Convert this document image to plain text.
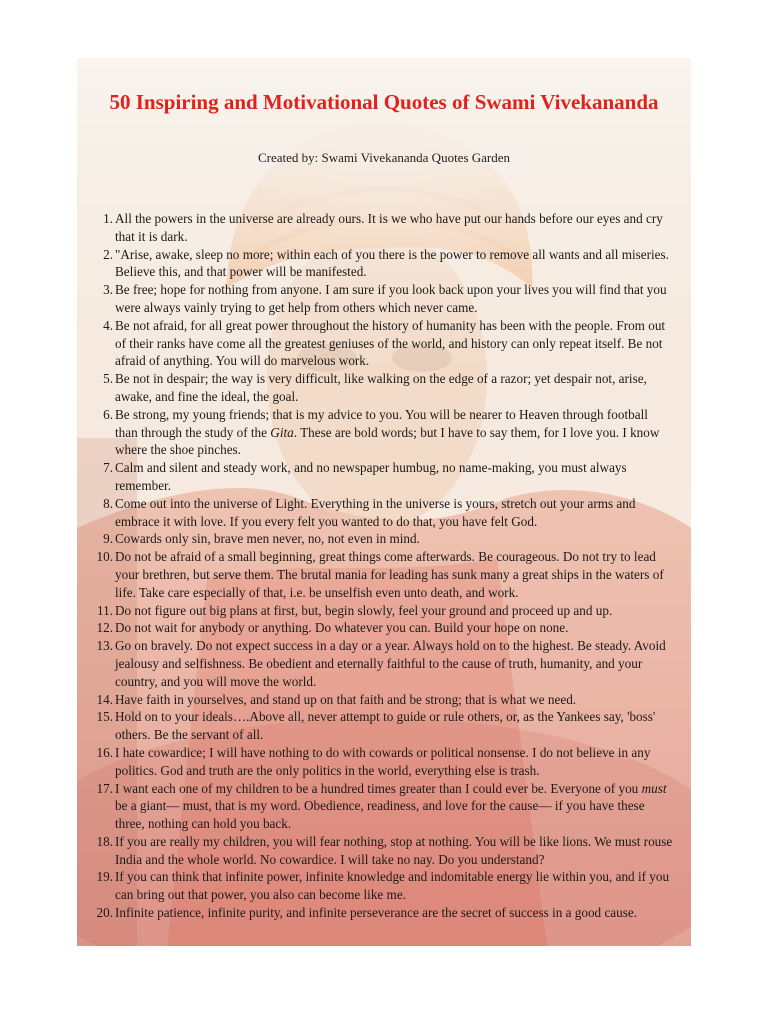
50 Inspiring and Motivational Quotes of Swami Vivekananda
Created by: Swami Vivekananda Quotes Garden
1. All the powers in the universe are already ours. It is we who have put our hands before our eyes and cry that it is dark.
2. "Arise, awake, sleep no more; within each of you there is the power to remove all wants and all miseries. Believe this, and that power will be manifested.
3. Be free; hope for nothing from anyone. I am sure if you look back upon your lives you will find that you were always vainly trying to get help from others which never came.
4. Be not afraid, for all great power throughout the history of humanity has been with the people. From out of their ranks have come all the greatest geniuses of the world, and history can only repeat itself. Be not afraid of anything. You will do marvelous work.
5. Be not in despair; the way is very difficult, like walking on the edge of a razor; yet despair not, arise, awake, and fine the ideal, the goal.
6. Be strong, my young friends; that is my advice to you. You will be nearer to Heaven through football than through the study of the Gita. These are bold words; but I have to say them, for I love you. I know where the shoe pinches.
7. Calm and silent and steady work, and no newspaper humbug, no name-making, you must always remember.
8. Come out into the universe of Light. Everything in the universe is yours, stretch out your arms and embrace it with love. If you every felt you wanted to do that, you have felt God.
9. Cowards only sin, brave men never, no, not even in mind.
10. Do not be afraid of a small beginning, great things come afterwards. Be courageous. Do not try to lead your brethren, but serve them. The brutal mania for leading has sunk many a great ships in the waters of life. Take care especially of that, i.e. be unselfish even unto death, and work.
11. Do not figure out big plans at first, but, begin slowly, feel your ground and proceed up and up.
12. Do not wait for anybody or anything. Do whatever you can. Build your hope on none.
13. Go on bravely. Do not expect success in a day or a year. Always hold on to the highest. Be steady. Avoid jealousy and selfishness. Be obedient and eternally faithful to the cause of truth, humanity, and your country, and you will move the world.
14. Have faith in yourselves, and stand up on that faith and be strong; that is what we need.
15. Hold on to your ideals….Above all, never attempt to guide or rule others, or, as the Yankees say, 'boss' others. Be the servant of all.
16. I hate cowardice; I will have nothing to do with cowards or political nonsense. I do not believe in any politics. God and truth are the only politics in the world, everything else is trash.
17. I want each one of my children to be a hundred times greater than I could ever be. Everyone of you must be a giant— must, that is my word. Obedience, readiness, and love for the cause— if you have these three, nothing can hold you back.
18. If you are really my children, you will fear nothing, stop at nothing. You will be like lions. We must rouse India and the whole world. No cowardice. I will take no nay. Do you understand?
19. If you can think that infinite power, infinite knowledge and indomitable energy lie within you, and if you can bring out that power, you also can become like me.
20. Infinite patience, infinite purity, and infinite perseverance are the secret of success in a good cause.
